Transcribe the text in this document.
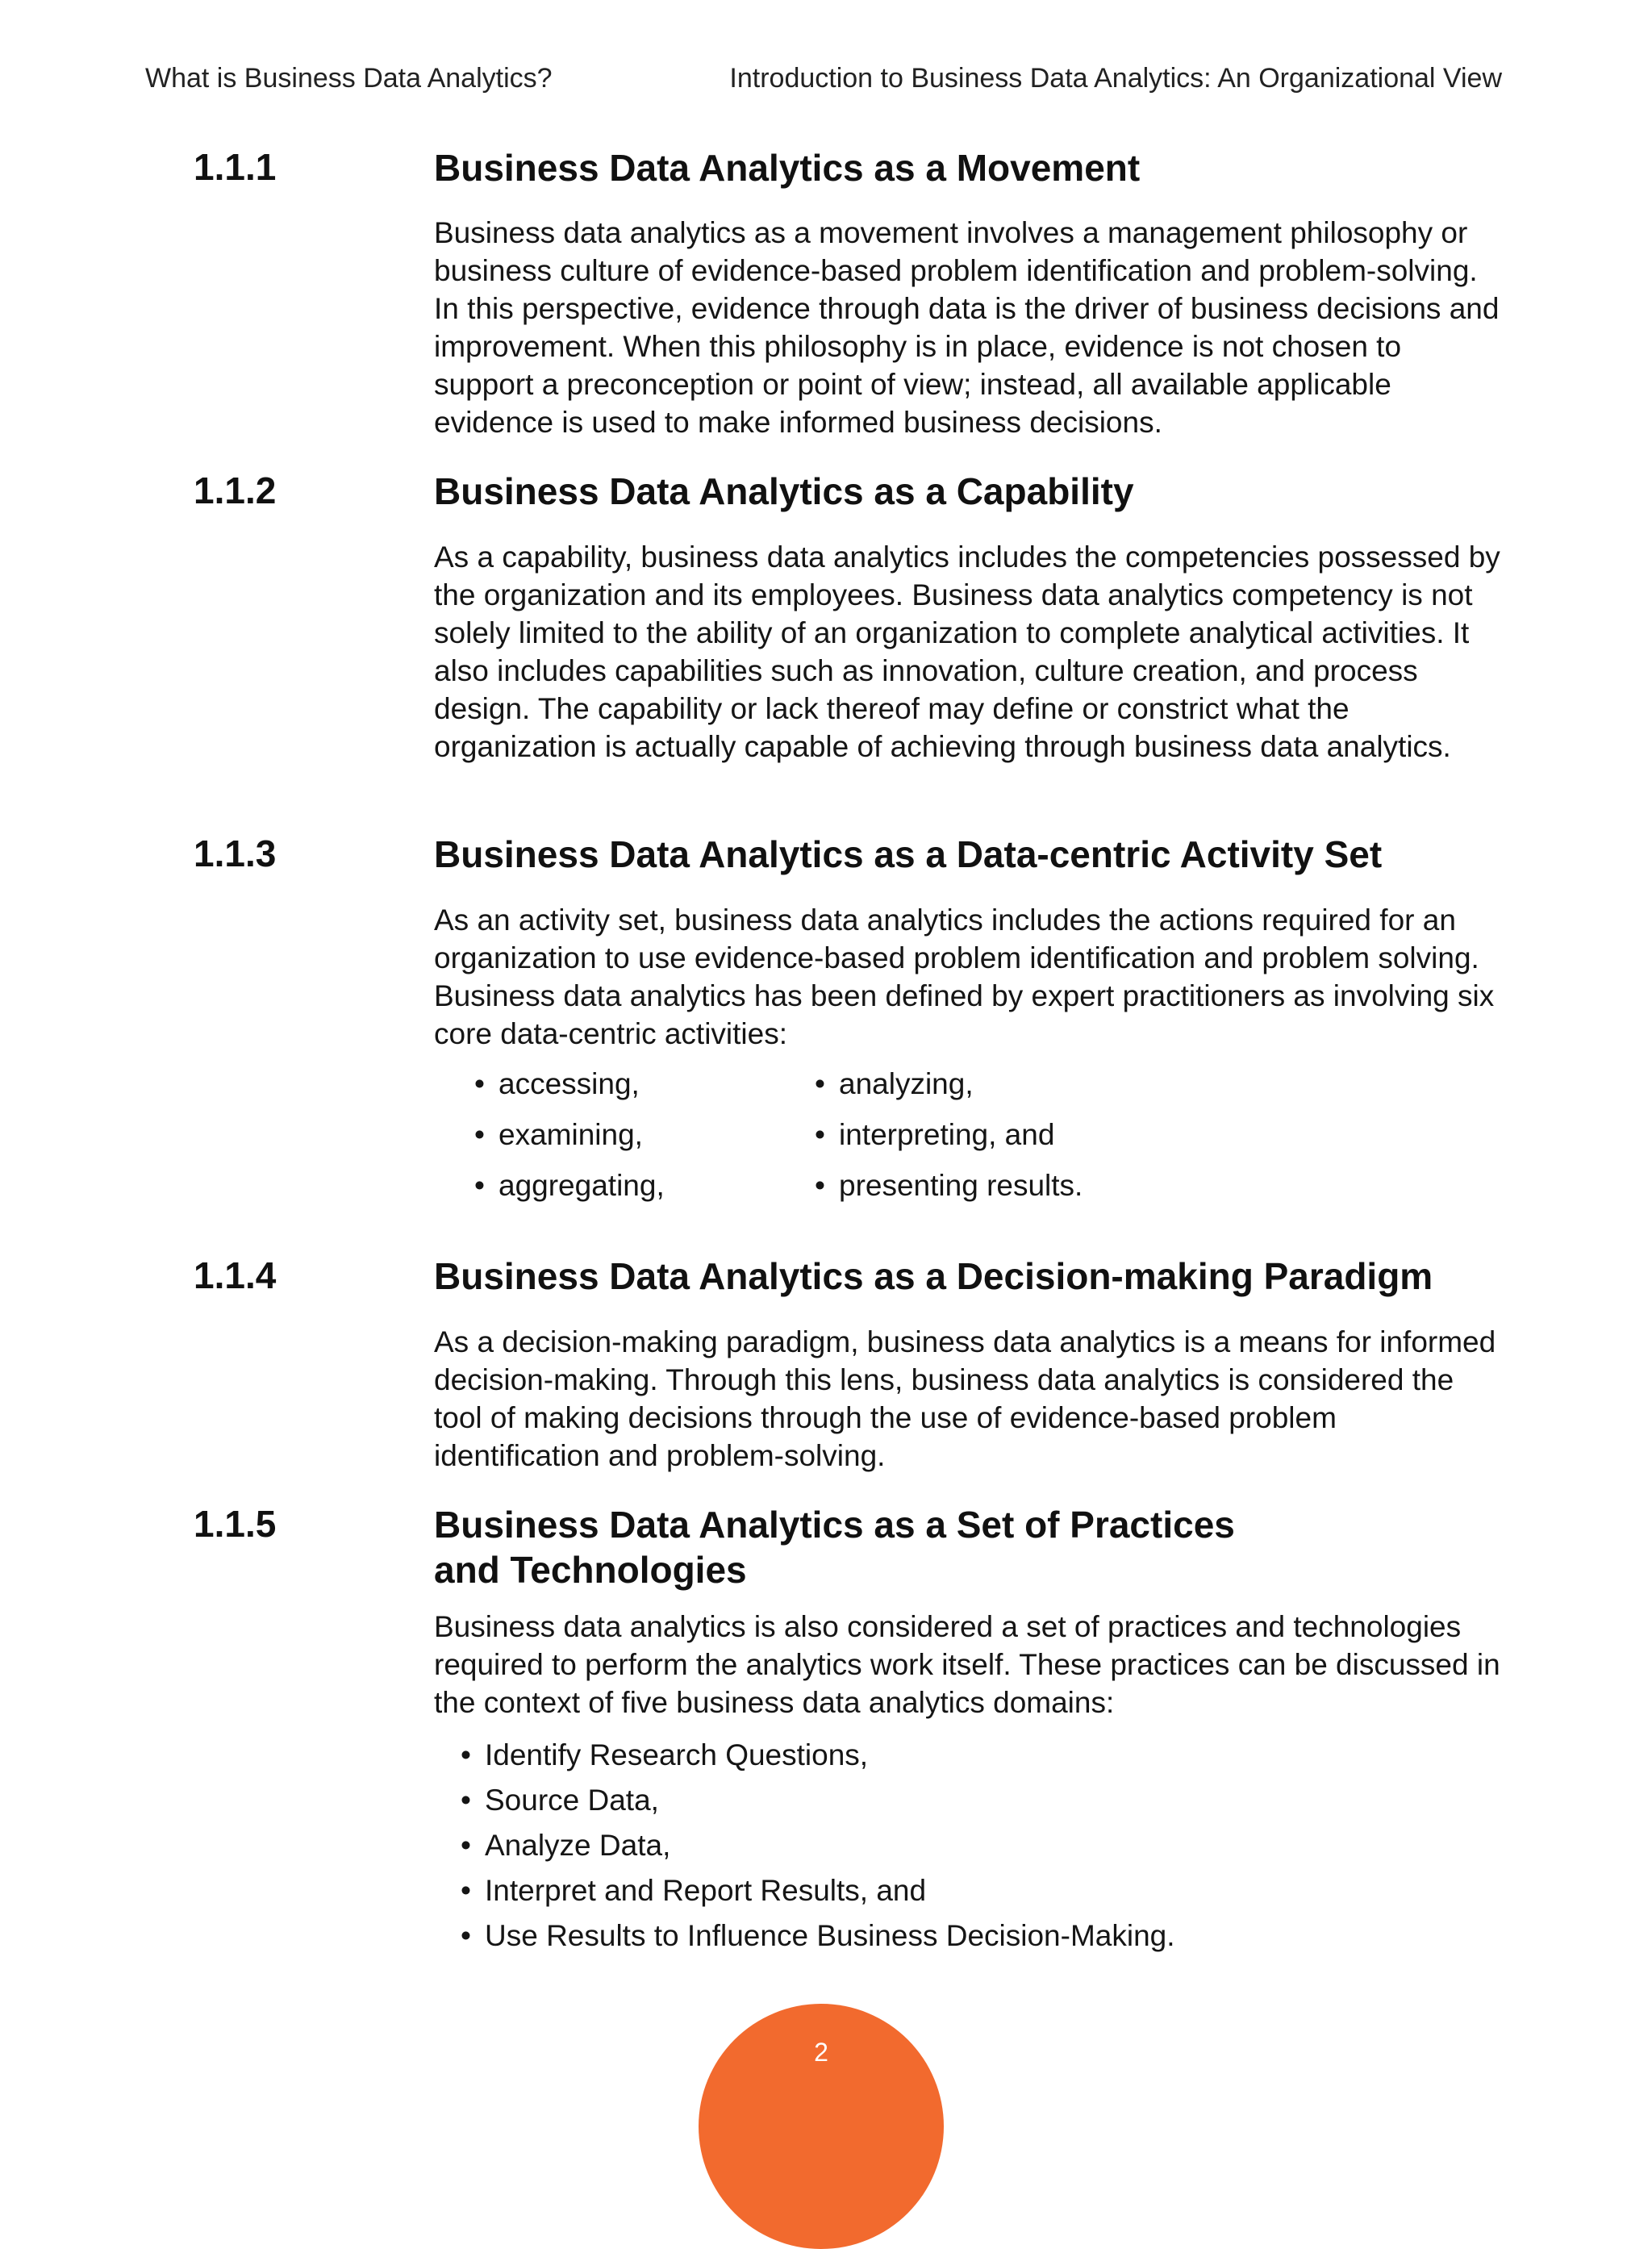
What is Business Data Analytics?	Introduction to Business Data Analytics: An Organizational View
1.1.1	Business Data Analytics as a Movement
Business data analytics as a movement involves a management philosophy or business culture of evidence-based problem identification and problem-solving. In this perspective, evidence through data is the driver of business decisions and improvement. When this philosophy is in place, evidence is not chosen to support a preconception or point of view; instead, all available applicable evidence is used to make informed business decisions.
1.1.2	Business Data Analytics as a Capability
As a capability, business data analytics includes the competencies possessed by the organization and its employees. Business data analytics competency is not solely limited to the ability of an organization to complete analytical activities. It also includes capabilities such as innovation, culture creation, and process design. The capability or lack thereof may define or constrict what the organization is actually capable of achieving through business data analytics.
1.1.3	Business Data Analytics as a Data-centric Activity Set
As an activity set, business data analytics includes the actions required for an organization to use evidence-based problem identification and problem solving. Business data analytics has been defined by expert practitioners as involving six core data-centric activities:
• accessing,
• examining,
• aggregating,
• analyzing,
• interpreting, and
• presenting results.
1.1.4	Business Data Analytics as a Decision-making Paradigm
As a decision-making paradigm, business data analytics is a means for informed decision-making. Through this lens, business data analytics is considered the tool of making decisions through the use of evidence-based problem identification and problem-solving.
1.1.5	Business Data Analytics as a Set of Practices and Technologies
Business data analytics is also considered a set of practices and technologies required to perform the analytics work itself. These practices can be discussed in the context of five business data analytics domains:
• Identify Research Questions,
• Source Data,
• Analyze Data,
• Interpret and Report Results, and
• Use Results to Influence Business Decision-Making.
2
